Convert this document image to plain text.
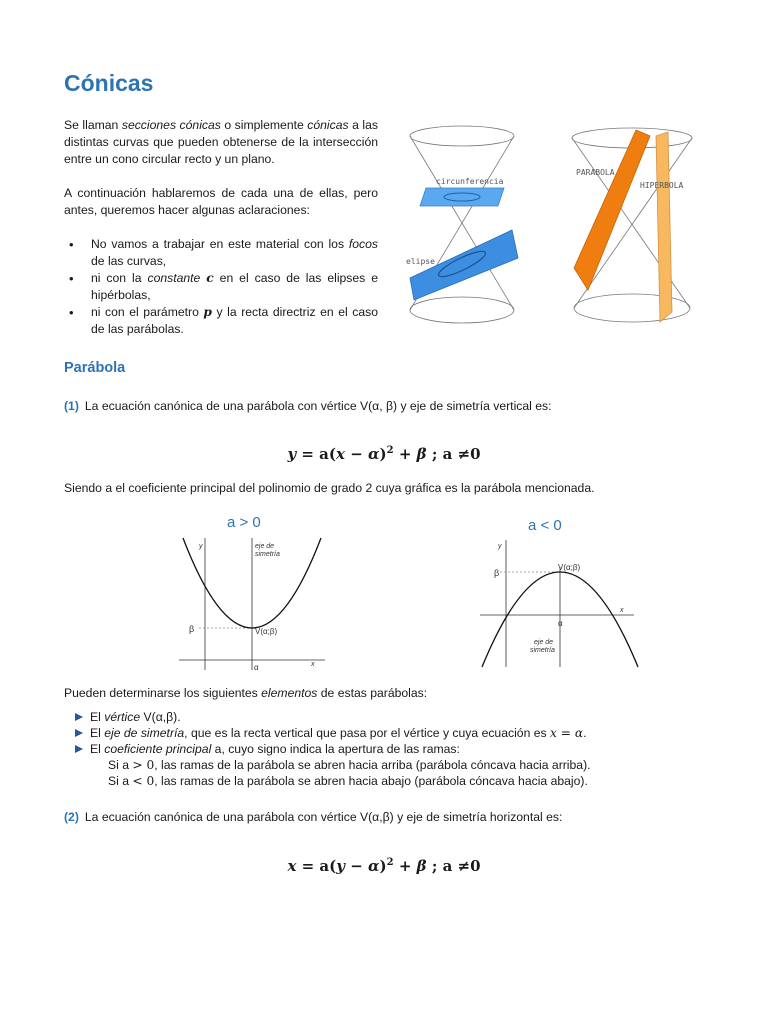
Cónicas

Se llaman secciones cónicas o simplemente cónicas a las distintas curvas que pueden obtenerse de la intersección entre un cono circular recto y un plano.

A continuación hablaremos de cada una de ellas, pero antes, queremos hacer algunas aclaraciones:

• No vamos a trabajar en este material con los focos de las curvas,
• ni con la constante c en el caso de las elipses e hipérbolas,
• ni con el parámetro p y la recta directriz en el caso de las parábolas.
circunferencia
elipse
PARABOLA
HIPERBOLA
Parábola
(1) La ecuación canónica de una parábola con vértice V(α, β) y eje de simetría vertical es:
$y = a(x - \alpha)^2 + \beta$ ; a ≠0
Siendo a el coeficiente principal del polinomio de grado 2 cuya gráfica es la parábola mencionada.
a > 0
y
x
eje de
simetría
β	V(α;β)
α
a < 0
y
x
β
V(α;β)
α
eje de
simetría
Pueden determinarse los siguientes elementos de estas parábolas:
El vértice V(α,β).
El eje de simetría, que es la recta vertical que pasa por el vértice y cuya ecuación es x = α.
El coeficiente principal a, cuyo signo indica la apertura de las ramas:
Si a > 0, las ramas de la parábola se abren hacia arriba (parábola cóncava hacia arriba).
Si a < 0, las ramas de la parábola se abren hacia abajo (parábola cóncava hacia abajo).
(2) La ecuación canónica de una parábola con vértice V(α,β) y eje de simetría horizontal es:
$x = a(y - \alpha)^2 + \beta$ ; a ≠0
